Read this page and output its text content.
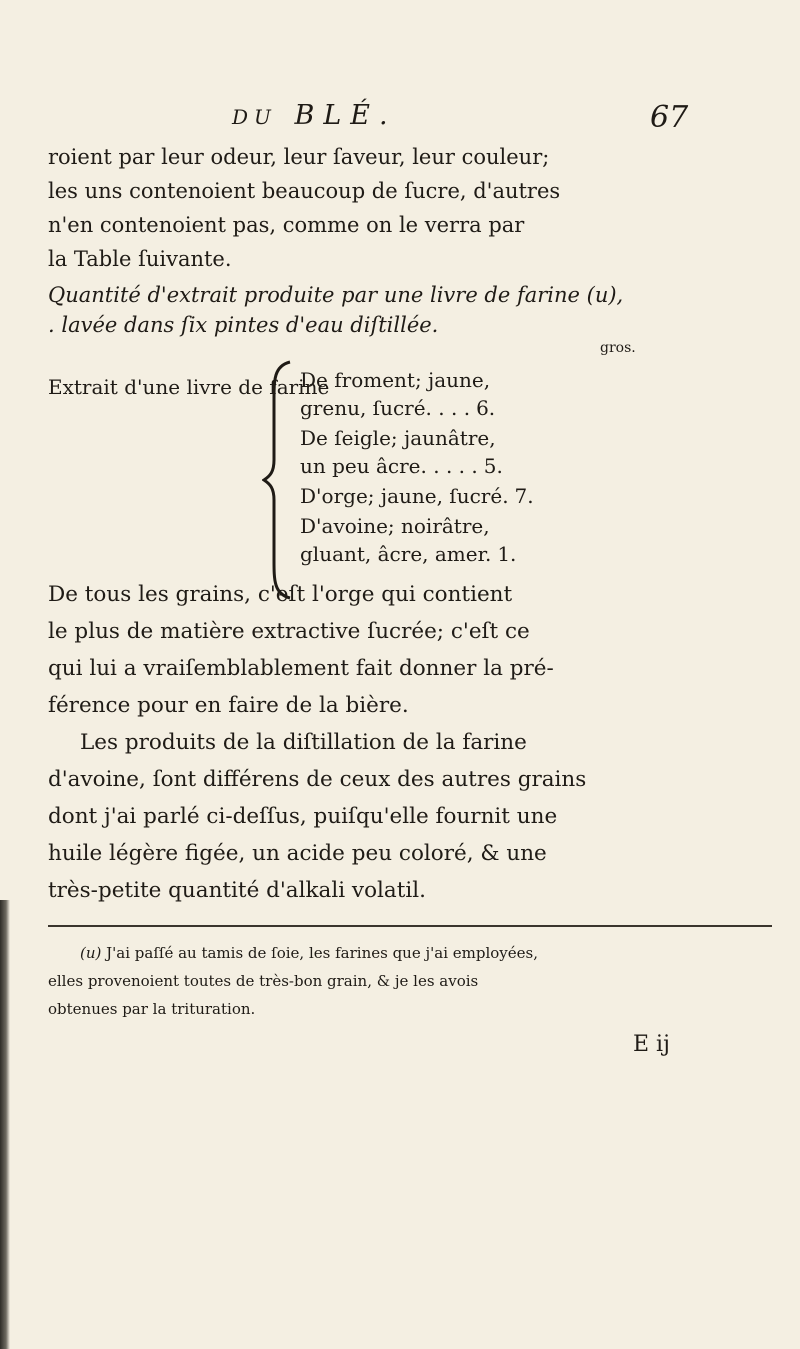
DU BLÉ.	67
roient par leur odeur, leur ſaveur, leur couleur;
les uns contenoient beaucoup de ſucre, d'autres
n'en contenoient pas, comme on le verra par
la Table ſuivante.
Quantité d'extrait produite par une livre de farine (u),
. lavée dans ſix pintes d'eau diſtillée.
gros.
Extrait d'une livre de farine
De froment; jaune,
grenu, ſucré. . . . 6.
De ſeigle; jaunâtre,
un peu âcre. . . . . 5.
D'orge; jaune, ſucré. 7.
D'avoine; noirâtre,
gluant, âcre, amer. 1.
De tous les grains, c'eſt l'orge qui contient
le plus de matière extractive ſucrée; c'eſt ce
qui lui a vraiſemblablement fait donner la pré-
férence pour en faire de la bière.
Les produits de la diſtillation de la farine
d'avoine, ſont différens de ceux des autres grains
dont j'ai parlé ci-deſſus, puiſqu'elle fournit une
huile légère figée, un acide peu coloré, & une
très-petite quantité d'alkali volatil.
(u) J'ai paſſé au tamis de ſoie, les farines que j'ai employées,
elles provenoient toutes de très-bon grain, & je les avois
obtenues par la trituration.
E ij
